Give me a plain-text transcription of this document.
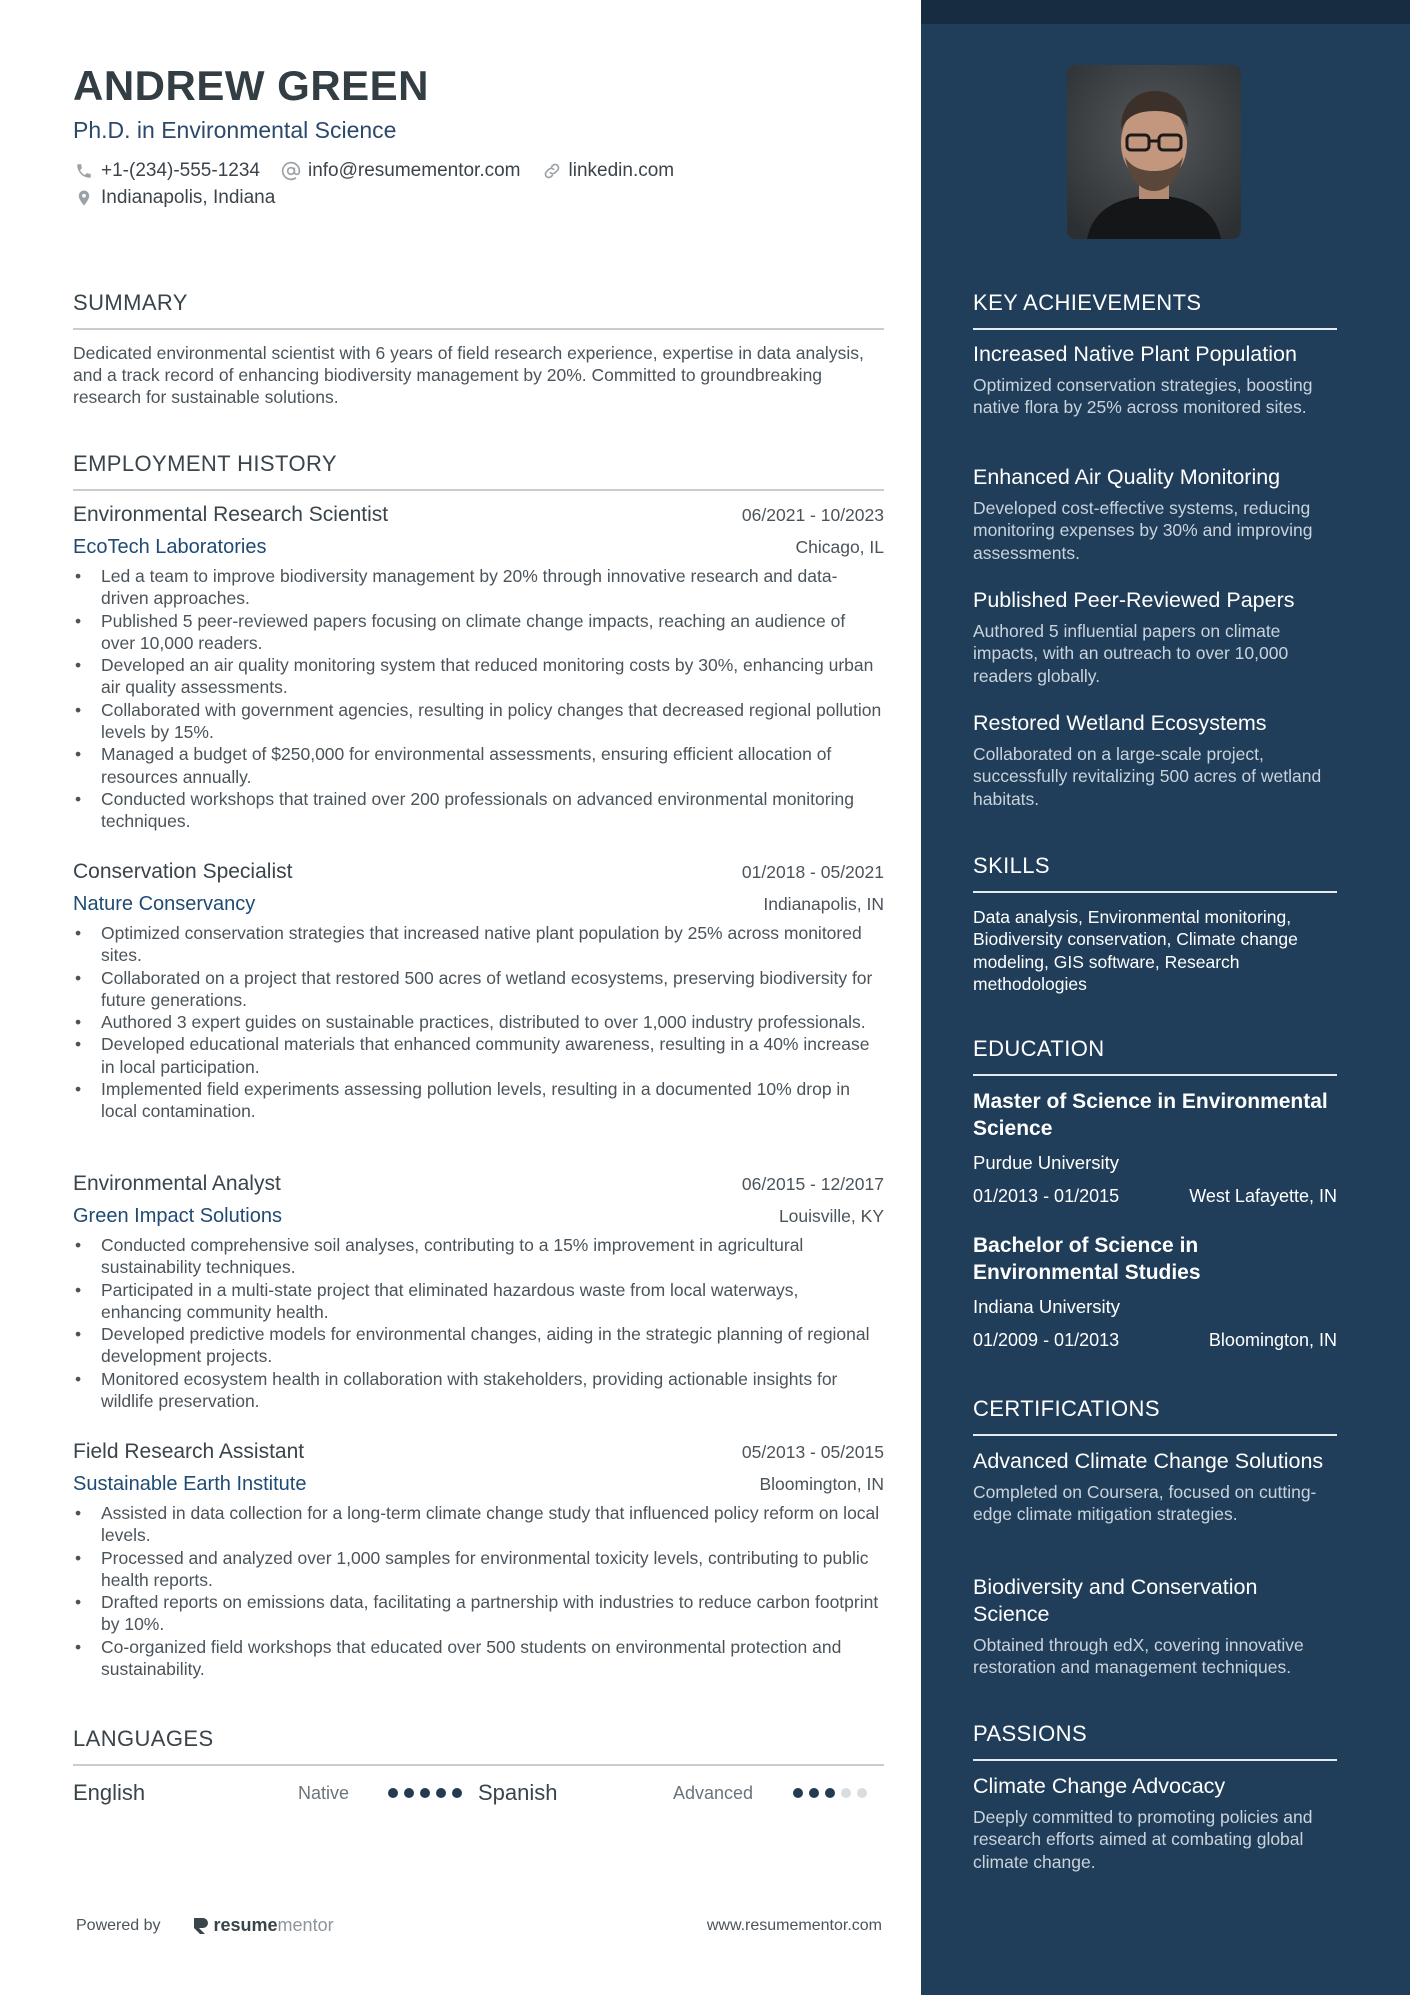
ANDREW GREEN
Ph.D. in Environmental Science
+1-(234)-555-1234	info@resumementor.com	linkedin.com
Indianapolis, Indiana
SUMMARY
Dedicated environmental scientist with 6 years of field research experience, expertise in data analysis, and a track record of enhancing biodiversity management by 20%. Committed to groundbreaking research for sustainable solutions.
EMPLOYMENT HISTORY
Environmental Research Scientist	06/2021 - 10/2023
EcoTech Laboratories	Chicago, IL
• Led a team to improve biodiversity management by 20% through innovative research and data-driven approaches.
• Published 5 peer-reviewed papers focusing on climate change impacts, reaching an audience of over 10,000 readers.
• Developed an air quality monitoring system that reduced monitoring costs by 30%, enhancing urban air quality assessments.
• Collaborated with government agencies, resulting in policy changes that decreased regional pollution levels by 15%.
• Managed a budget of $250,000 for environmental assessments, ensuring efficient allocation of resources annually.
• Conducted workshops that trained over 200 professionals on advanced environmental monitoring techniques.
Conservation Specialist	01/2018 - 05/2021
Nature Conservancy	Indianapolis, IN
• Optimized conservation strategies that increased native plant population by 25% across monitored sites.
• Collaborated on a project that restored 500 acres of wetland ecosystems, preserving biodiversity for future generations.
• Authored 3 expert guides on sustainable practices, distributed to over 1,000 industry professionals.
• Developed educational materials that enhanced community awareness, resulting in a 40% increase in local participation.
• Implemented field experiments assessing pollution levels, resulting in a documented 10% drop in local contamination.
Environmental Analyst	06/2015 - 12/2017
Green Impact Solutions	Louisville, KY
• Conducted comprehensive soil analyses, contributing to a 15% improvement in agricultural sustainability techniques.
• Participated in a multi-state project that eliminated hazardous waste from local waterways, enhancing community health.
• Developed predictive models for environmental changes, aiding in the strategic planning of regional development projects.
• Monitored ecosystem health in collaboration with stakeholders, providing actionable insights for wildlife preservation.
Field Research Assistant	05/2013 - 05/2015
Sustainable Earth Institute	Bloomington, IN
• Assisted in data collection for a long-term climate change study that influenced policy reform on local levels.
• Processed and analyzed over 1,000 samples for environmental toxicity levels, contributing to public health reports.
• Drafted reports on emissions data, facilitating a partnership with industries to reduce carbon footprint by 10%.
• Co-organized field workshops that educated over 500 students on environmental protection and sustainability.
LANGUAGES
English	Native	Spanish	Advanced
Powered by	resume mentor	www.resumementor.com
KEY ACHIEVEMENTS
Increased Native Plant Population
Optimized conservation strategies, boosting native flora by 25% across monitored sites.
Enhanced Air Quality Monitoring
Developed cost-effective systems, reducing monitoring expenses by 30% and improving assessments.
Published Peer-Reviewed Papers
Authored 5 influential papers on climate impacts, with an outreach to over 10,000 readers globally.
Restored Wetland Ecosystems
Collaborated on a large-scale project, successfully revitalizing 500 acres of wetland habitats.
SKILLS
Data analysis, Environmental monitoring, Biodiversity conservation, Climate change modeling, GIS software, Research methodologies
EDUCATION
Master of Science in Environmental Science
Purdue University
01/2013 - 01/2015	West Lafayette, IN
Bachelor of Science in Environmental Studies
Indiana University
01/2009 - 01/2013	Bloomington, IN
CERTIFICATIONS
Advanced Climate Change Solutions
Completed on Coursera, focused on cutting-edge climate mitigation strategies.
Biodiversity and Conservation Science
Obtained through edX, covering innovative restoration and management techniques.
PASSIONS
Climate Change Advocacy
Deeply committed to promoting policies and research efforts aimed at combating global climate change.
